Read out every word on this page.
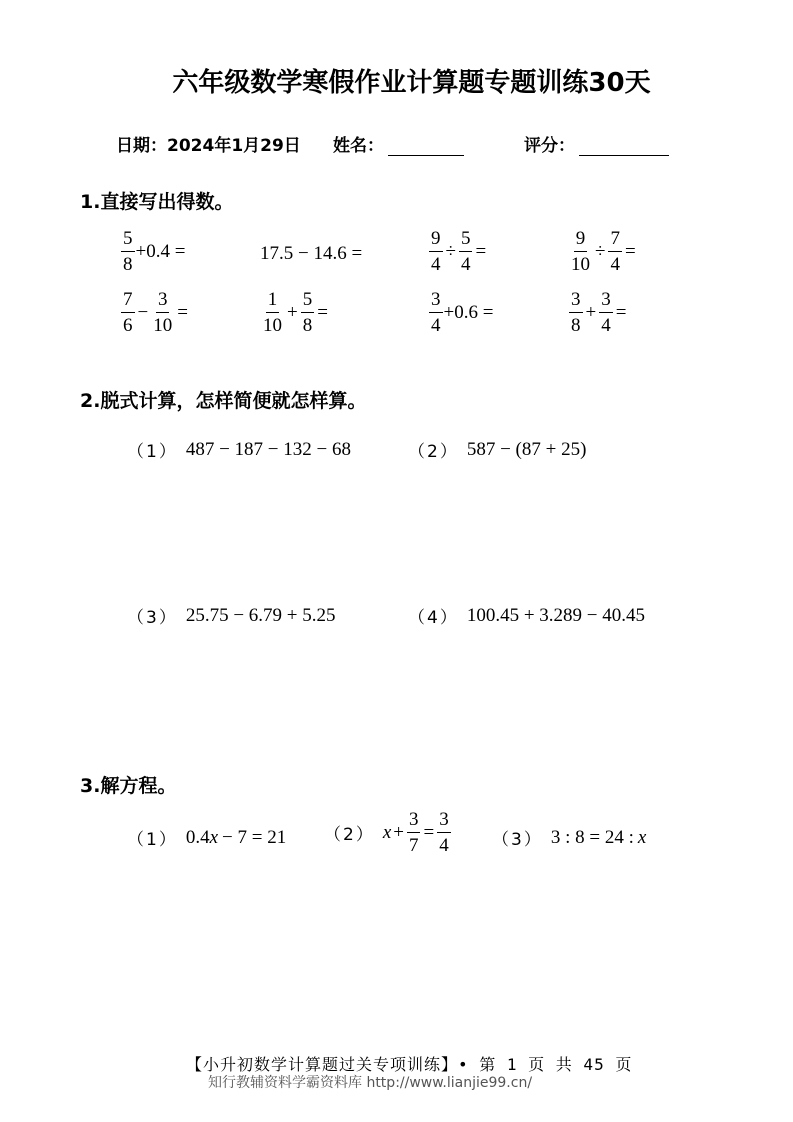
六年级数学寒假作业计算题专题训练30天
日期：2024年1月29日 姓名：	评分：
1.直接写出得数。
$\frac{5}{8} +0.4$ =	17.5 − 14.6 =	$\frac{9}{4} \div \frac{5}{4}$ =	$\frac{9}{10} \div \frac{7}{4}$ =
$\frac{7}{6} - \frac{3}{10}$ =	$\frac{1}{10} + \frac{5}{8}$ =	$\frac{3}{4} +0.6$ =	$\frac{3}{8} + \frac{3}{4}$ =
2.脱式计算，怎样简便就怎样算。
（1） 487 − 187 − 132 − 68	（2） 587 − (87 + 25)
（3） 25.75 − 6.79 + 5.25	（4） 100.45 + 3.289 − 40.45
3.解方程。
（1） 0.4 x − 7 = 21 （2） $x + \frac{3}{7} = \frac{3}{4} (3)$ 3 : 8 = 24 : x
【小升初数学计算题过关专项训练】• 第 1 页 共 45 页
知行教辅资料学霸资料库 http://www.lianjie99.cn/
